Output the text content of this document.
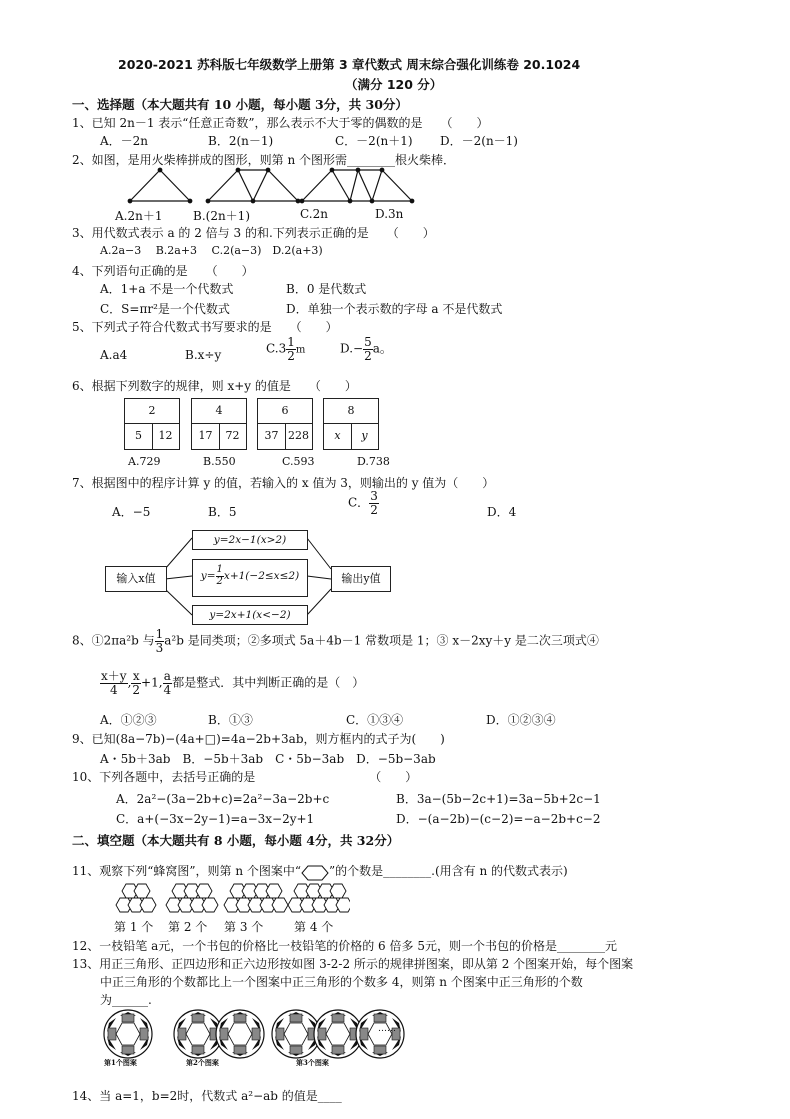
2020-2021 苏科版七年级数学上册第 3 章代数式 周末综合强化训练卷 20.1024
（满分 120 分）
一、选择题（本大题共有 10 小题，每小题 3分，共 30分）
1、已知 2n－1 表示“任意正奇数”，那么表示不大于零的偶数的是　　（　　）
A．－2n	B．2(n－1)	C．－2(n＋1) D．－2(n－1)
2、如图，是用火柴棒拼成的图形，则第 n 个图形需________根火柴棒．
A.2n＋1	B.(2n＋1)	C.2n	D.3n
3、用代数式表示 a 的 2 倍与 3 的和.下列表示正确的是　　（　　）
A.2a−3　 B.2a+3　 C.2(a−3)　D.2(a+3)
4、下列语句正确的是　　（　　）
A．1+a 不是一个代数式	B．0 是代数式
C．S=πr²是一个代数式	D．单独一个表示数的字母 a 不是代数式
5、下列式子符合代数式书写要求的是　　（　　）
A.a4	B.x÷y	$C.3 \frac{1}{2}$ m	$D.- \frac{5}{2}$ a。
6、根据下列数字的规律，则 x+y 的值是　　（　　）
2
5	12
4
17	72
6
37 228
8
x	y
A.729	B.550	C.593	D.738
7、根据图中的程序计算 y 的值，若输入的 x 值为 3，则输出的 y 值为（　　）
A．−5	B．5
C． $\frac{3}{2}$	D．4
输入x值	输出y值
y=2x−1(x>2)
$y= \frac{1}{2} x+1(-2\le x\le 2)$
y=2x+1(x<−2)
8、①2πa²b 与 $\frac{1}{3} a^2b$ 是同类项；②多项式 5a＋4b－1 常数项是 1；③ x－2xy＋y 是二次三项式④
$\frac{x+y}{4}$ , $\frac{x}{2} +1$, $\frac{a}{4}$ 都是整式．其中判断正确的是（　）
A．①②③	B．①③	C．①③④	D．①②③④
9、已知(8a−7b)−(4a+□)=4a−2b+3ab，则方框内的式子为(　　)
A・5b＋3ab　B．−5b＋3ab　C・5b−3ab　D．−5b−3ab
10、下列各题中，去括号正确的是　　　　　　　　　　（　　）
A．2a²−(3a−2b+c)=2a²−3a−2b+c	B．3a−(5b−2c+1)=3a−5b+2c−1
C．a+(−3x−2y−1)=a−3x−2y+1	D．−(a−2b)−(c−2)=−a−2b+c−2
二、填空题（本大题共有 8 小题，每小题 4分，共 32分）
11、观察下列“蜂窝图”，则第 n 个图案中“ ”的个数是________.(用含有 n 的代数式表示)
第 1 个 第 2 个 第 3 个	第 4 个
12、一枝铅笔 a元，一个书包的价格比一枝铅笔的价格的 6 倍多 5元，则一个书包的价格是________元
13、用正三角形、正四边形和正六边形按如图 3-2-2 所示的规律拼图案，即从第 2 个图案开始，每个图案
中正三角形的个数都比上一个图案中正三角形的个数多 4，则第 n 个图案中正三角形的个数
为______.
第1个图案	第2个图案	第3个图案
……
14、当 a=1，b=2时，代数式 a²−ab 的值是____
